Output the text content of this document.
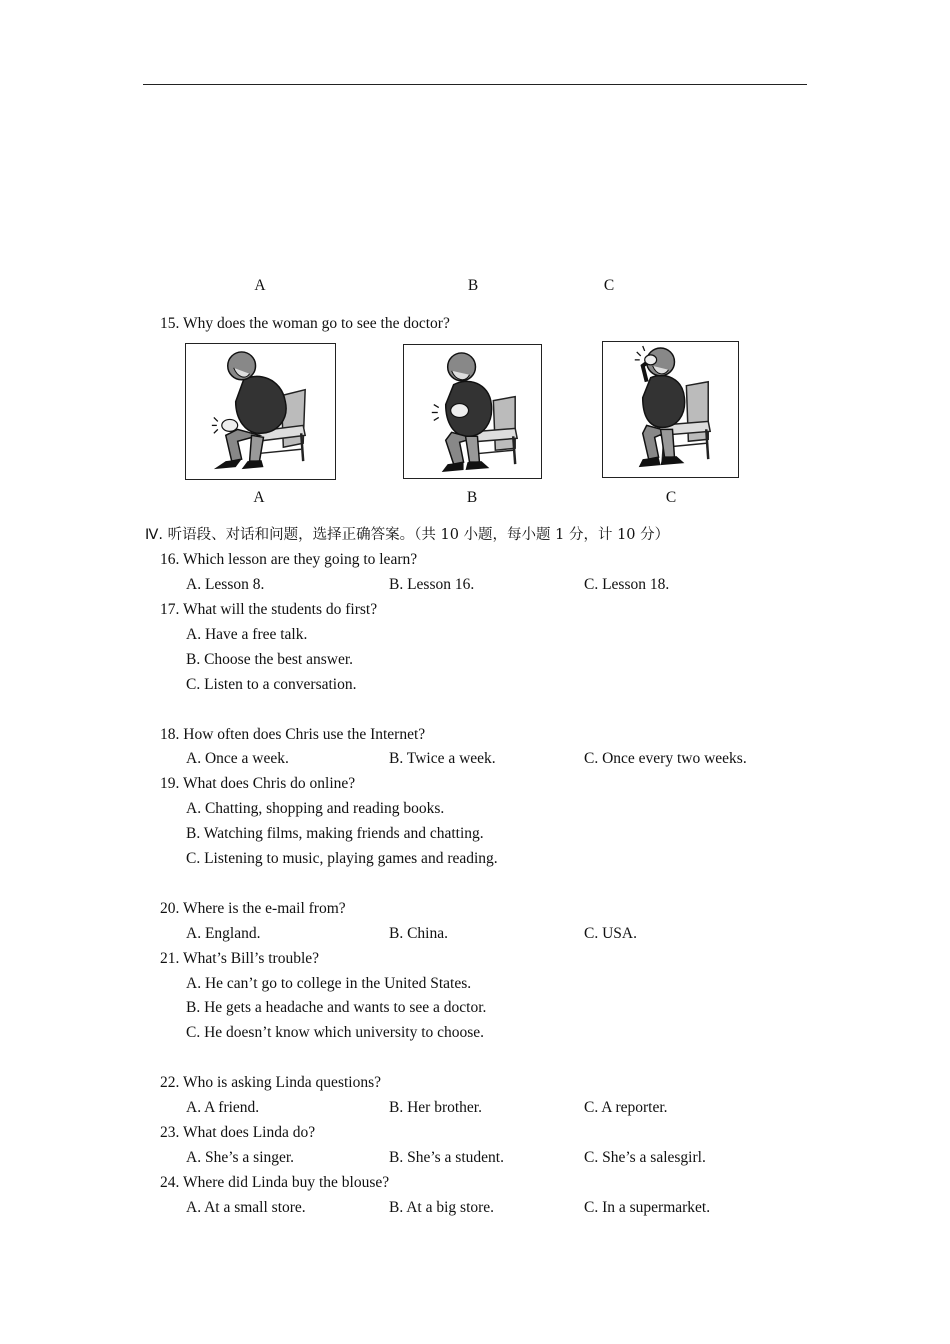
A	B	C
15. Why does the woman go to see the doctor?
A	B	C
Ⅳ. 听语段、对话和问题，选择正确答案。（共 10 小题，每小题 1 分，计 10 分）
16. Which lesson are they going to learn?
A. Lesson 8.	B. Lesson 16.	C. Lesson 18.
17. What will the students do first?
A. Have a free talk.
B. Choose the best answer.
C. Listen to a conversation.
18. How often does Chris use the Internet?
A. Once a week.	B. Twice a week.	C. Once every two weeks.
19. What does Chris do online?
A. Chatting, shopping and reading books.
B. Watching films, making friends and chatting.
C. Listening to music, playing games and reading.
20. Where is the e-mail from?
A. England.	B. China.	C. USA.
21. What’s Bill’s trouble?
A. He can’t go to college in the United States.
B. He gets a headache and wants to see a doctor.
C. He doesn’t know which university to choose.
22. Who is asking Linda questions?
A. A friend.	B. Her brother.	C. A reporter.
23. What does Linda do?
A. She’s a singer.	B. She’s a student.	C. She’s a salesgirl.
24. Where did Linda buy the blouse?
A. At a small store.	B. At a big store.	C. In a supermarket.
